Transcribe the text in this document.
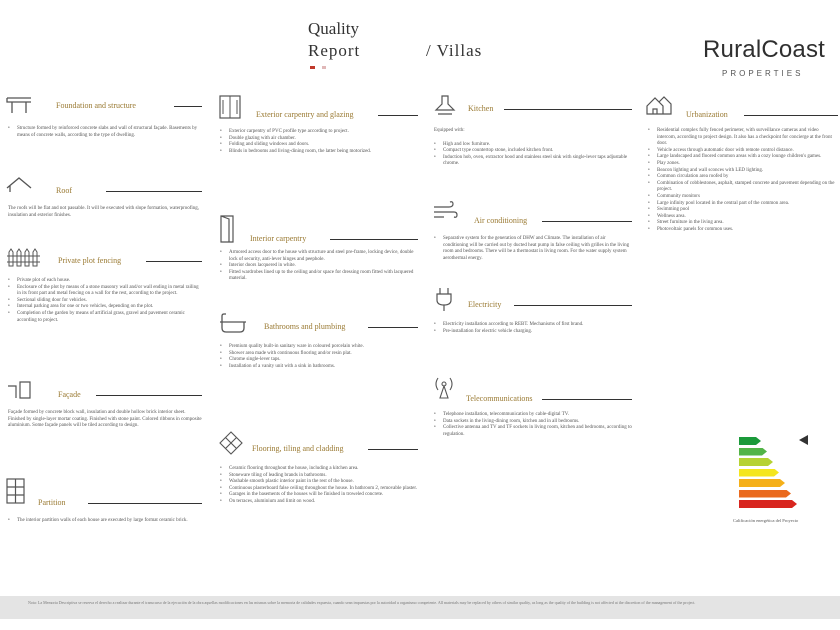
Quality
Report	/ Villas	RuralCoast
PROPERTIES
Foundation and structure
• Structure formed by reinforced concrete slabs and wall of structural façade. Basements by means of concrete walls, according to the type of dwelling.
Roof

The roofs will be flat and not passable. It will be executed with slope formation, waterproofing, insulation and exterior finishes.

Private plot fencing
• Private plot of each house.
• Enclosure of the plot by means of a stone masonry wall and/or wall ending in metal railing in its front part and metal fencing on a wall for the rest, according to the project.
• Sectional sliding door for vehicles.
• Internal parking area for one or two vehicles, depending on the plot.
• Completion of the garden by means of artificial grass, gravel and pavement ceramic according to project.
Façade

Façade formed by concrete block wall, insulation and double hollow brick interior sheet. Finished by single-layer mortar coating. Finished with stone paint. Colored ribbons in composite aluminium. Some façade panels will be tiled according to design.

Partition
• The interior partition walls of each house are executed by large format ceramic brick.
Exterior carpentry and glazing
• Exterior carpentry of PVC profile type according to project.
• Double glazing with air chamber.
• Folding and sliding windows and doors.
• Blinds in bedrooms and living-dining room, the latter being motorized.
Interior carpentry
• Armored access door to the house with structure and steel pre-frame, locking device, double lock of security, anti-lever hinges and peephole.
• Interior doors lacquered in white.
• Fitted wardrobes lined up to the ceiling and/or space for dressing room fitted with lacquered material.
Bathrooms and plumbing
• Premium quality built-in sanitary ware in coloured porcelain white.
• Shower area made with continuous flooring and/or resin plat.
• Chrome single-lever taps.
• Installation of a vanity unit with a sink in bathrooms.
Flooring, tiling and cladding
• Ceramic flooring throughout the house, including a kitchen area.
• Stoneware tiling of leading brands in bathrooms.
• Washable smooth plastic interior paint in the rest of the house.
• Continuous plasterboard false ceiling throughout the house. In bathroom 2, removable plaster.
• Garages in the basements of the houses will be finished in troweled concrete.
• On terraces, aluminium and limit on wood.
Kitchen

Equipped with:

• High and low furniture.
• Compact type countertop stone, included kitchen front.
• Induction hob, oven, extractor hood and stainless steel sink with single-lever taps adjustable chrome.
Air conditioning
• Separative system for the generation of DHW and Climate. The installation of air conditioning will be carried out by ducted heat pump in false ceiling with grilles in the living room and bedrooms. There will be a thermostat in living room. For the water supply system aerothermal energy.
Electricity
• Electricity installation according to REBT. Mechanisms of first brand.
• Pre-installation for electric vehicle charging.
Telecommunications
• Telephone installation, telecommunication by cable-digital TV.
• Data sockets in the living-dining room, kitchen and in all bedrooms.
• Collective antenna and TV and TF sockets in living room, kitchen and bedrooms, according to regulation.
Urbanization
• Residential complex fully fenced perimeter, with surveillance cameras and video intercom, according to project design. It also has a checkpoint for concierge at the front door.
• Vehicle access through automatic door with remote control distance.
• Large landscaped and floored common areas with a cozy lounge children's games.
• Play zones.
• Beacon lighting and wall sconces with LED lighting.
• Common circulation area roofed by
• Combination of cobblestones, asphalt, stamped concrete and pavement depending on the project.
• Community monitors
• Large infinity pool located in the central part of the common area.
• Swimming pool
• Wellness area.
• Street furniture in the living area.
• Photovoltaic panels for common uses.
Calificación energética del Proyecto
Nota: La Memoria Descriptiva se reserva el derecho a realizar durante el transcurso de la ejecución de la obra aquellas modificaciones en las mismas sobre la memoria de calidades expuesta, cuando sean impuestas por la autoridad u organismo competente. All materials may be replaced by others of similar quality, as long as the quality of the building is not affected at the discretion of the management of the project.
